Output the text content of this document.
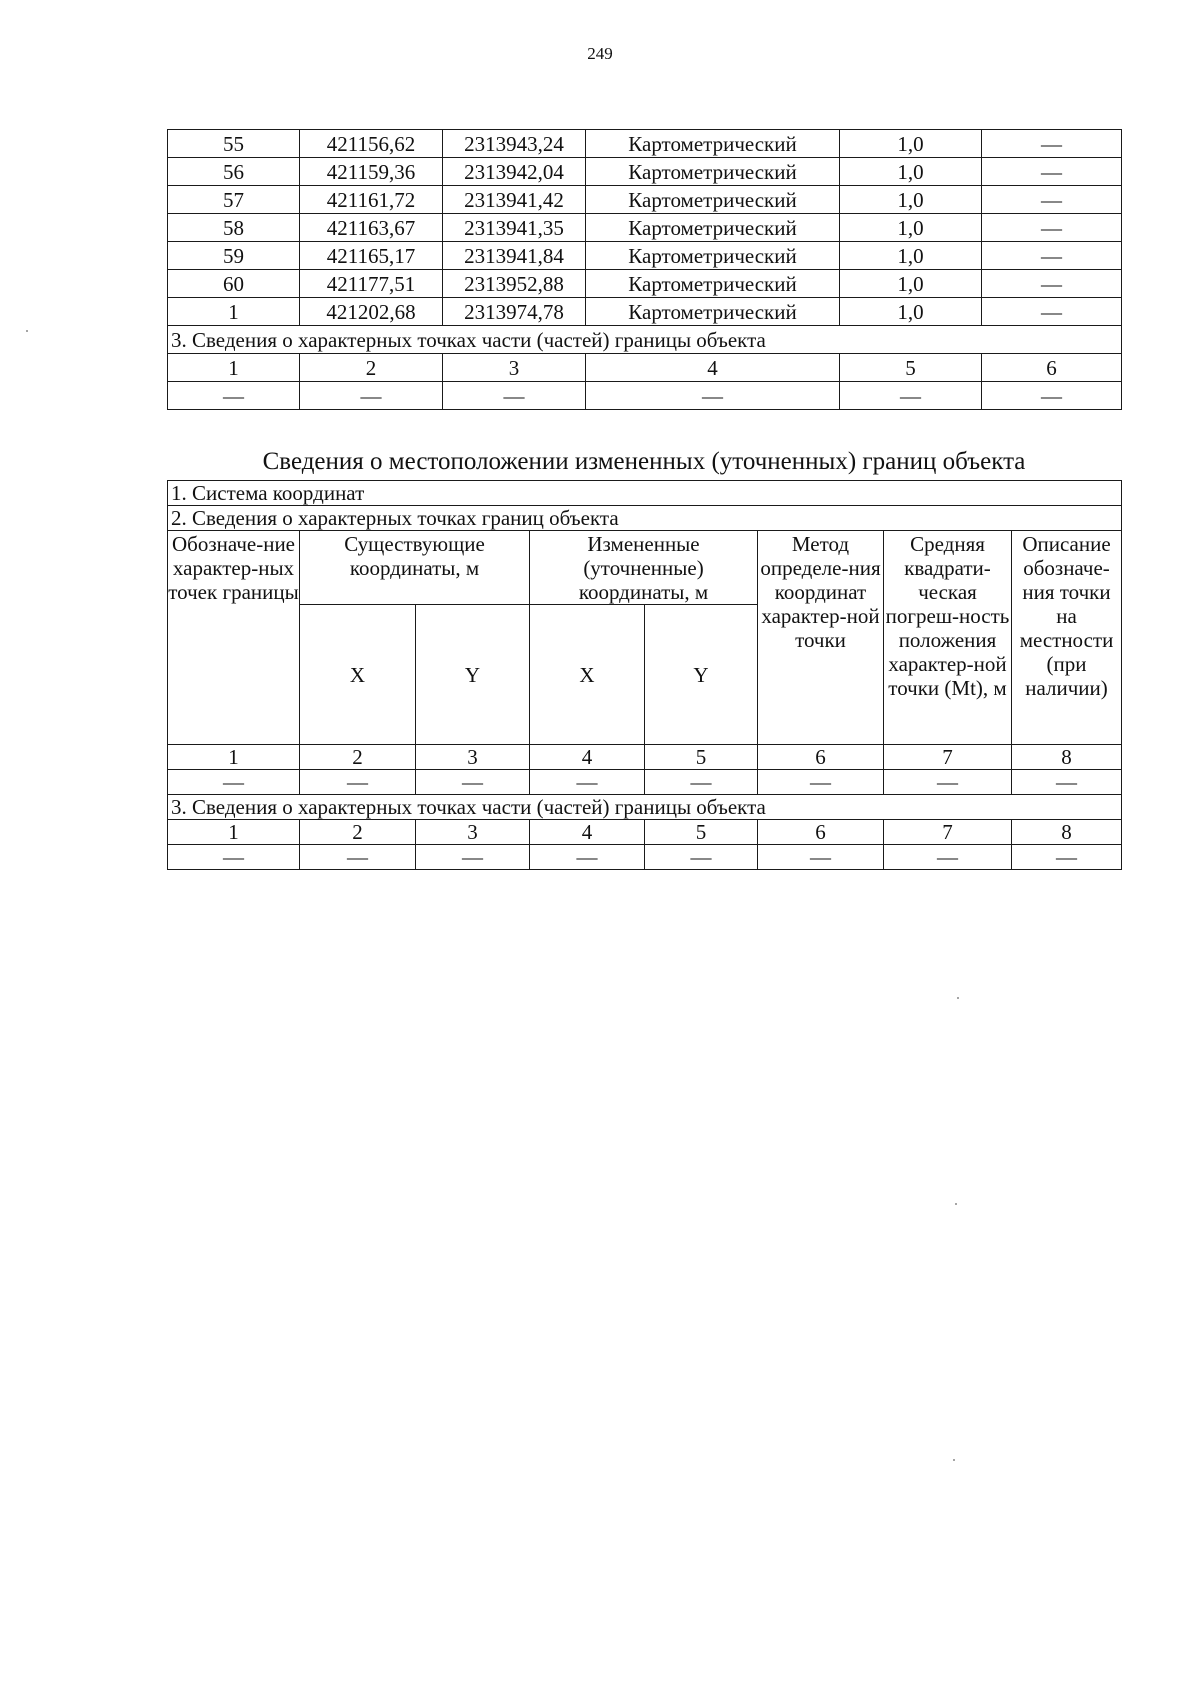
249
55	421156,62	2313943,24	Картометрический	1,0	—
56	421159,36	2313942,04	Картометрический	1,0	—
57	421161,72	2313941,42	Картометрический	1,0	—
58	421163,67	2313941,35	Картометрический	1,0	—
59	421165,17	2313941,84	Картометрический	1,0	—
60	421177,51	2313952,88	Картометрический	1,0	—
1	421202,68	2313974,78	Картометрический	1,0	—
3. Сведения о характерных точках части (частей) границы объекта					
1	2	3	4	5	6
—	—	—	—	—	—
Сведения о местоположении измененных (уточненных) границ объекта
1. Система координат							
2. Сведения о характерных точках границ объекта							
Обозначе-ние характер-ных точек границы	Существующие координаты, м		Измененные (уточненные) координаты, м		Метод определе-ния координат характер-ной точки	Средняя квадрати-ческая погреш-ность положения характер-ной точки (Mt), м	Описание обозначе-ния точки на местности (при наличии)
	X	Y	X	Y			
1	2	3	4	5	6	7	8
—	—	—	—	—	—	—	—
3. Сведения о характерных точках части (частей) границы объекта							
1	2	3	4	5	6	7	8
—	—	—	—	—	—	—	—
